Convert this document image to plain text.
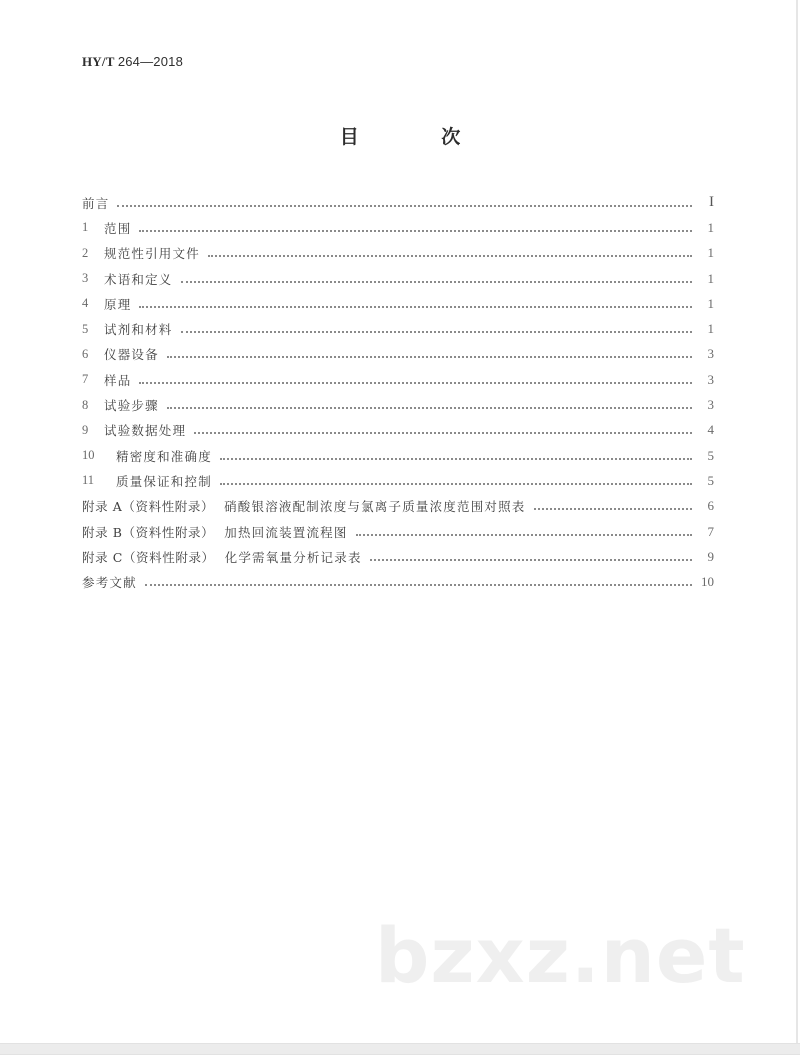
HY/T 264—2018
目 次
前言	I
1	范围	1
2	规范性引用文件	1
3	术语和定义	1
4	原理	1
5	试剂和材料	1
6	仪器设备	3
7	样品	3
8	试验步骤	3
9	试验数据处理	4
10	精密度和准确度	5
11	质量保证和控制	5
附录 A（资料性附录） 硝酸银溶液配制浓度与氯离子质量浓度范围对照表	6
附录 B（资料性附录） 加热回流装置流程图	7
附录 C（资料性附录） 化学需氧量分析记录表	9
参考文献	10
bzxz.net
